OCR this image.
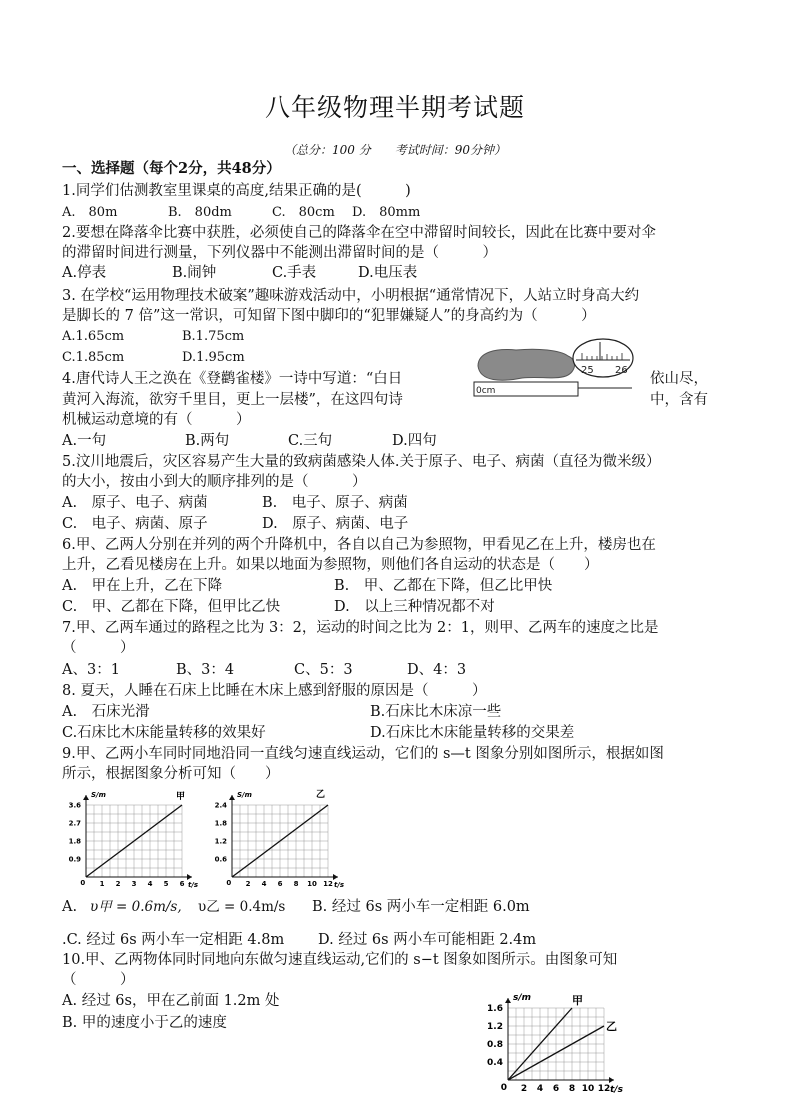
八年级物理半期考试题
（总分：100 分　　考试时间：90分钟）
一、选择题（每个2分，共48分）
1.同学们估测教室里课桌的高度,结果正确的是(　　　)
A.　80m	B.　80dm	C.　80cm D.　80mm
2.要想在降落伞比赛中获胜，必须使自己的降落伞在空中滞留时间较长，因此在比赛中要对伞
的滞留时间进行测量，下列仪器中不能测出滞留时间的是（　　　）
A.停表	B.闹钟	C.手表	D.电压表
3. 在学校“运用物理技术破案”趣味游戏活动中，小明根据“通常情况下，人站立时身高大约
是脚长的 7 倍”这一常识，可知留下图中脚印的“犯罪嫌疑人”的身高约为（　　　）
A.1.65cm	B.1.75cm
C.1.85cm	D.1.95cm
0cm
25 26
4.唐代诗人王之涣在《登鹳雀楼》一诗中写道：“白日	依山尽，
黄河入海流，欲穷千里目，更上一层楼”，在这四句诗	中，含有
机械运动意境的有（　　　）
A.一句	B.两句	C.三句	D.四句
5.汶川地震后，灾区容易产生大量的致病菌感染人体.关于原子、电子、病菌（直径为微米级）
的大小，按由小到大的顺序排列的是（　　　）
A.　原子、电子、病菌	B.　电子、原子、病菌
C.　电子、病菌、原子	D.　原子、病菌、电子
6.甲、乙两人分别在并列的两个升降机中，各自以自己为参照物，甲看见乙在上升，楼房也在
上升，乙看见楼房在上升。如果以地面为参照物，则他们各自运动的状态是（　　）
A.　甲在上升，乙在下降	B.　甲、乙都在下降，但乙比甲快
C.　甲、乙都在下降，但甲比乙快	D.　以上三种情况都不对
7.甲、乙两车通过的路程之比为 3：2，运动的时间之比为 2：1，则甲、乙两车的速度之比是
（　　　）
A、3：1	B、3：4	C、5：3	D、4：3
8. 夏天，人睡在石床上比睡在木床上感到舒服的原因是（　　　）
A.　石床光滑	B.石床比木床凉一些
C.石床比木床能量转移的效果好	D.石床比木床能量转移的交果差
9.甲、乙两小车同时同地沿同一直线匀速直线运动，它们的 s—t 图象分别如图所示，根据如图
所示，根据图象分析可知（　　）
0 1 2 3 4 5 6
0.9
1.8
2.7
3.6
t/s
S/m	甲
0 2 4 6 8 10 12
0.6
1.2
1.8
2.4
t/s
S/m	乙
A. υ甲 = 0.6m/s, υ乙 = 0.4m/s B. 经过 6s 两小车一定相距 6.0m
.C. 经过 6s 两小车一定相距 4.8m D. 经过 6s 两小车可能相距 2.4m
10.甲、乙两物体同时同地向东做匀速直线运动,它们的 s−t 图象如图所示。由图象可知
（　　　）
A. 经过 6s，甲在乙前面 1.2m 处
B. 甲的速度小于乙的速度
0 2 4 6 8 10 12
0.4
0.8
1.2
1.6
t/s
s/m	甲
乙
